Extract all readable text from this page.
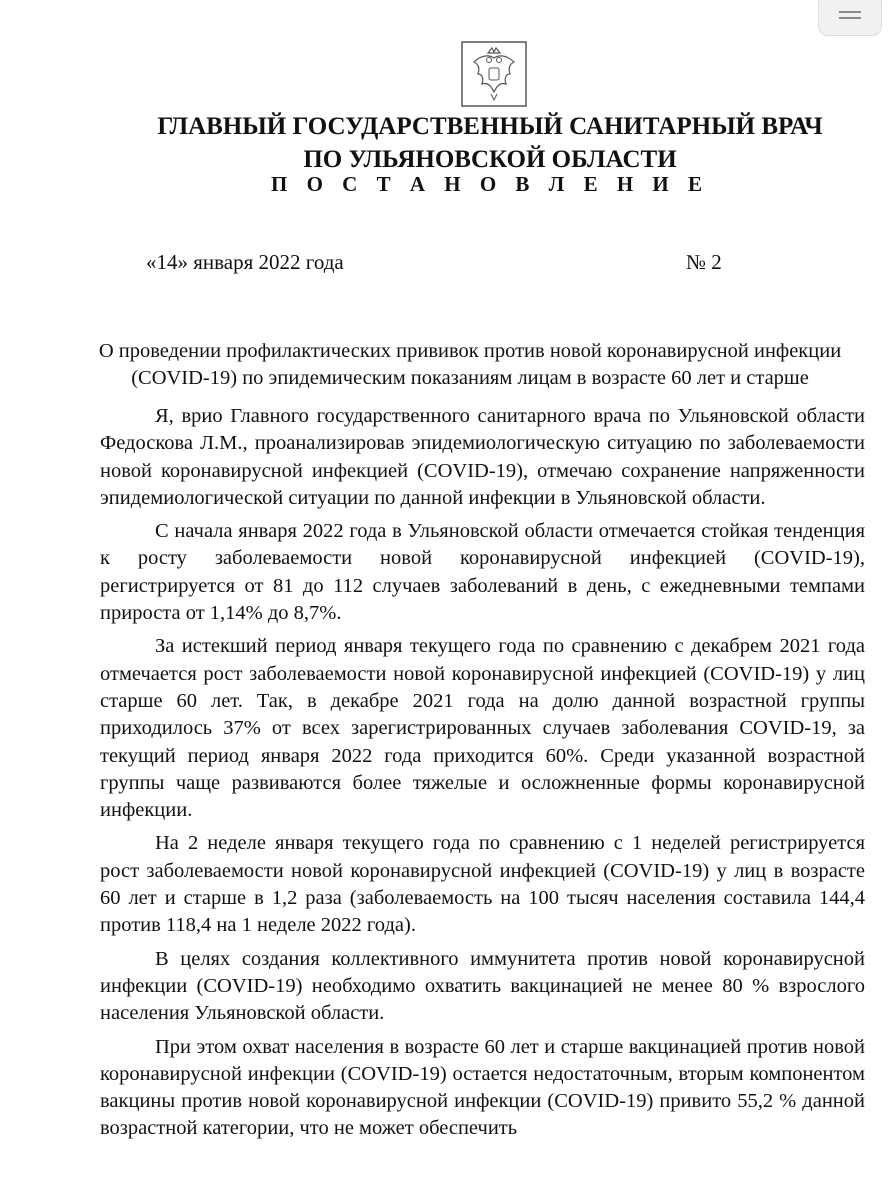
ГЛАВНЫЙ ГОСУДАРСТВЕННЫЙ САНИТАРНЫЙ ВРАЧ
ПО УЛЬЯНОВСКОЙ ОБЛАСТИ
П О С Т А Н О В Л Е Н И Е
«14» января 2022 года	№ 2
О проведении профилактических прививок против новой коронавирусной инфекции
(COVID-19) по эпидемическим показаниям лицам в возрасте 60 лет и старше

Я, врио Главного государственного санитарного врача по Ульяновской области Федоскова Л.М., проанализировав эпидемиологическую ситуацию по заболеваемости новой коронавирусной инфекцией (COVID-19), отмечаю сохранение напряженности эпидемиологической ситуации по данной инфекции в Ульяновской области.

С начала января 2022 года в Ульяновской области отмечается стойкая тенденция к росту заболеваемости новой коронавирусной инфекцией (COVID-19), регистрируется от 81 до 112 случаев заболеваний в день, с ежедневными темпами прироста от 1,14% до 8,7%.

За истекший период января текущего года по сравнению с декабрем 2021 года отмечается рост заболеваемости новой коронавирусной инфекцией (COVID-19) у лиц старше 60 лет. Так, в декабре 2021 года на долю данной возрастной группы приходилось 37% от всех зарегистрированных случаев заболевания COVID-19, за текущий период января 2022 года приходится 60%. Среди указанной возрастной группы чаще развиваются более тяжелые и осложненные формы коронавирусной инфекции.

На 2 неделе января текущего года по сравнению с 1 неделей регистрируется рост заболеваемости новой коронавирусной инфекцией (COVID-19) у лиц в возрасте 60 лет и старше в 1,2 раза (заболеваемость на 100 тысяч населения составила 144,4 против 118,4 на 1 неделе 2022 года).

В целях создания коллективного иммунитета против новой коронавирусной инфекции (COVID-19) необходимо охватить вакцинацией не менее 80 % взрослого населения Ульяновской области.

При этом охват населения в возрасте 60 лет и старше вакцинацией против новой коронавирусной инфекции (COVID-19) остается недостаточным, вторым компонентом вакцины против новой коронавирусной инфекции (COVID-19) привито 55,2 % данной возрастной категории, что не может обеспечить
